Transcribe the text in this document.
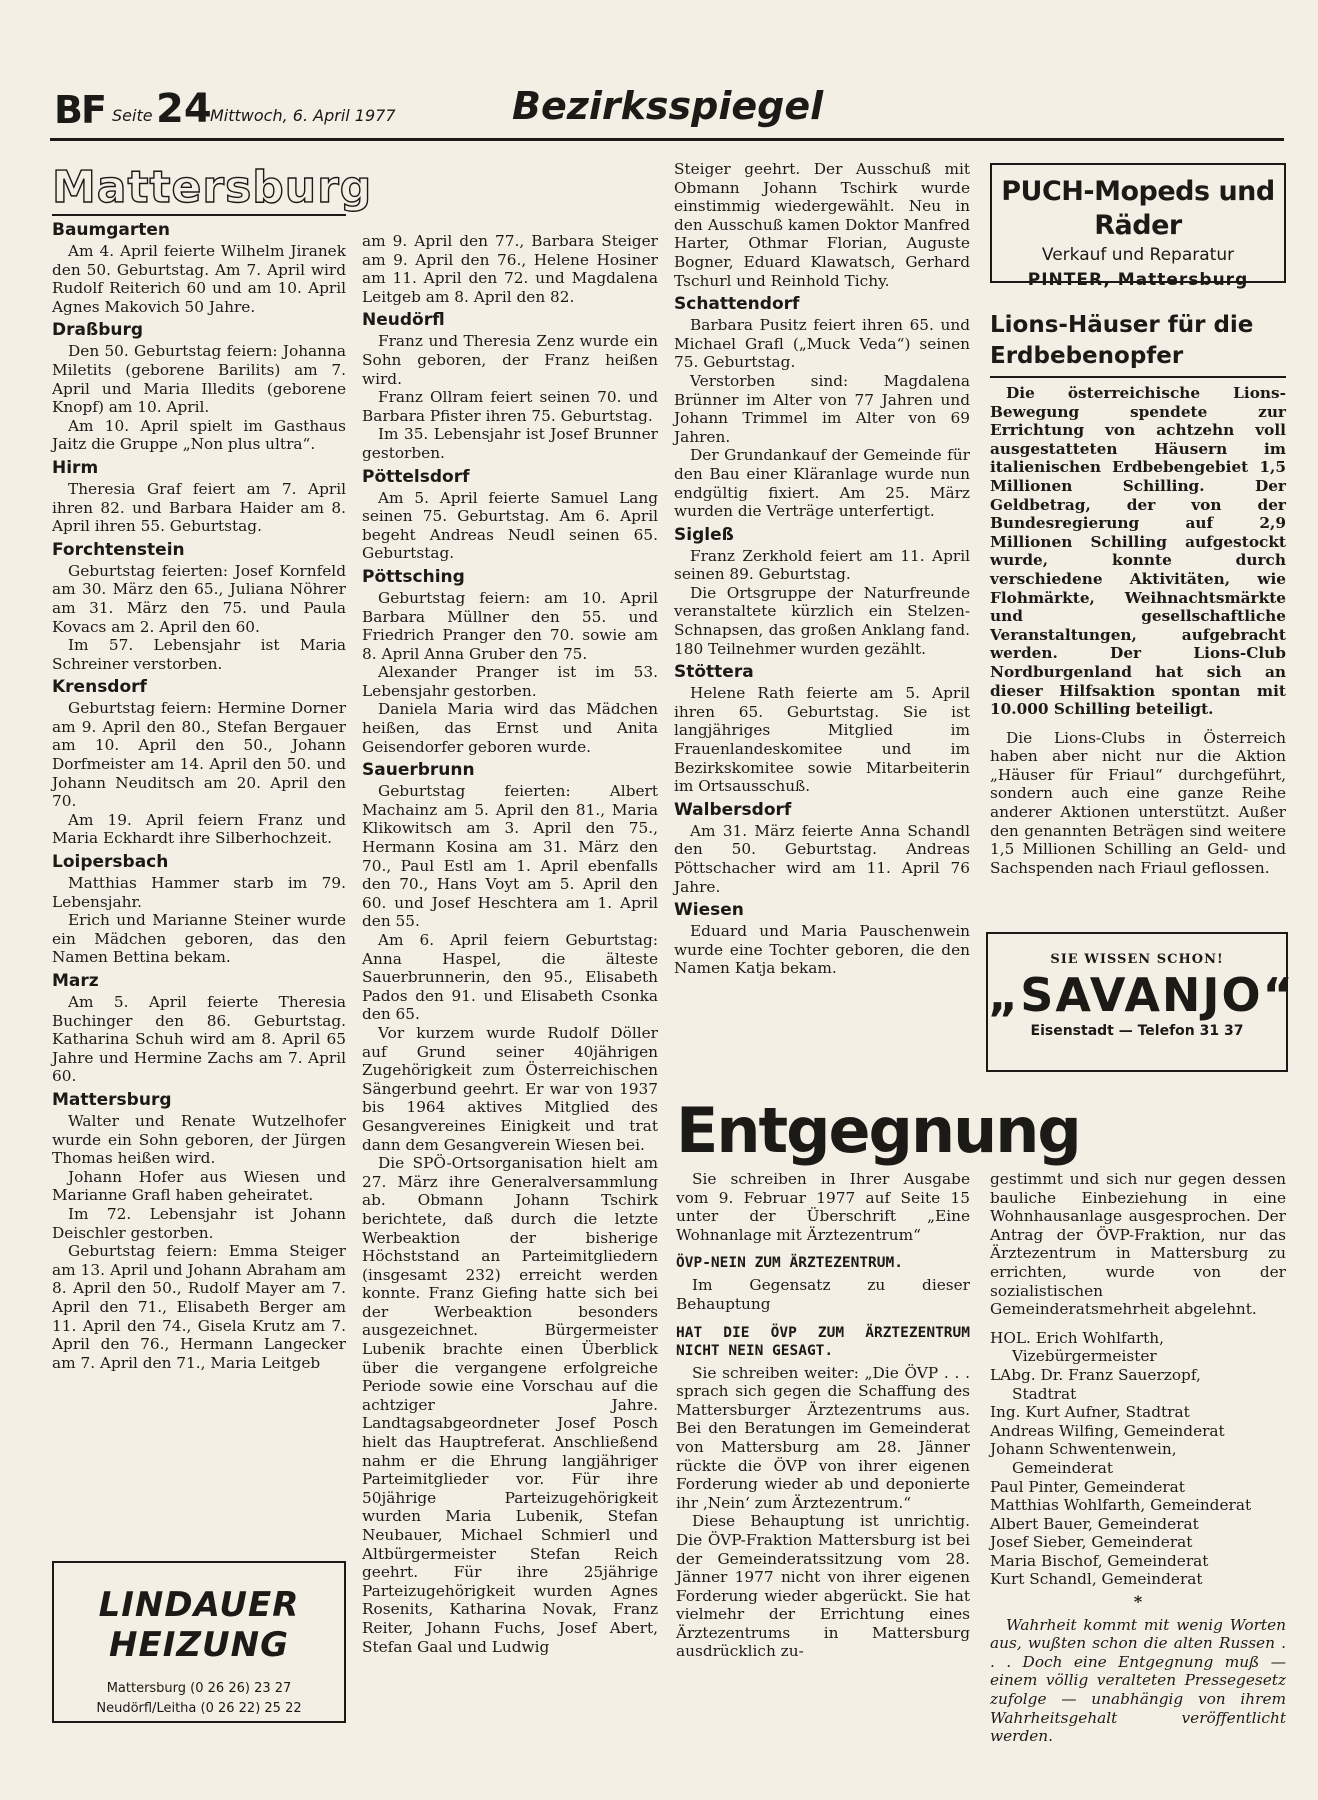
BF Seite 24
Mittwoch, 6. April 1977	Bezirksspiegel
Mattersburg
Baumgarten

Am 4. April feierte Wilhelm Jiranek den 50. Geburtstag. Am 7. April wird Rudolf Reiterich 60 und am 10. April Agnes Makovich 50 Jahre.

Draßburg

Den 50. Geburtstag feiern: Johanna Miletits (geborene Barilits) am 7. April und Maria Illedits (geborene Knopf) am 10. April.

Am 10. April spielt im Gasthaus Jaitz die Gruppe „Non plus ultra“.

Hirm

Theresia Graf feiert am 7. April ihren 82. und Barbara Haider am 8. April ihren 55. Geburtstag.

Forchtenstein

Geburtstag feierten: Josef Kornfeld am 30. März den 65., Juliana Nöhrer am 31. März den 75. und Paula Kovacs am 2. April den 60.

Im 57. Lebensjahr ist Maria Schreiner verstorben.

Krensdorf

Geburtstag feiern: Hermine Dorner am 9. April den 80., Stefan Bergauer am 10. April den 50., Johann Dorfmeister am 14. April den 50. und Johann Neuditsch am 20. April den 70.

Am 19. April feiern Franz und Maria Eckhardt ihre Silberhochzeit.

Loipersbach

Matthias Hammer starb im 79. Lebensjahr.

Erich und Marianne Steiner wurde ein Mädchen geboren, das den Namen Bettina bekam.

Marz

Am 5. April feierte Theresia Buchinger den 86. Geburtstag. Katharina Schuh wird am 8. April 65 Jahre und Hermine Zachs am 7. April 60.

Mattersburg

Walter und Renate Wutzelhofer wurde ein Sohn geboren, der Jürgen Thomas heißen wird.

Johann Hofer aus Wiesen und Marianne Grafl haben geheiratet.

Im 72. Lebensjahr ist Johann Deischler gestorben.

Geburtstag feiern: Emma Steiger am 13. April und Johann Abraham am 8. April den 50., Rudolf Mayer am 7. April den 71., Elisabeth Berger am 11. April den 74., Gisela Krutz am 7. April den 76., Hermann Langecker am 7. April den 71., Maria Leitgeb

LINDAUER
HEIZUNG
Mattersburg (0 26 26) 23 27
Neudörfl/Leitha (0 26 22) 25 22

am 9. April den 77., Barbara Steiger am 9. April den 76., Helene Hosiner am 11. April den 72. und Magdalena Leitgeb am 8. April den 82.

Neudörfl

Franz und Theresia Zenz wurde ein Sohn geboren, der Franz heißen wird.

Franz Ollram feiert seinen 70. und Barbara Pfister ihren 75. Geburtstag.

Im 35. Lebensjahr ist Josef Brunner gestorben.

Pöttelsdorf

Am 5. April feierte Samuel Lang seinen 75. Geburtstag. Am 6. April begeht Andreas Neudl seinen 65. Geburtstag.

Pöttsching

Geburtstag feiern: am 10. April Barbara Müllner den 55. und Friedrich Pranger den 70. sowie am 8. April Anna Gruber den 75.

Alexander Pranger ist im 53. Lebensjahr gestorben.

Daniela Maria wird das Mädchen heißen, das Ernst und Anita Geisendorfer geboren wurde.

Sauerbrunn

Geburtstag feierten: Albert Machainz am 5. April den 81., Maria Klikowitsch am 3. April den 75., Hermann Kosina am 31. März den 70., Paul Estl am 1. April ebenfalls den 70., Hans Voyt am 5. April den 60. und Josef Heschtera am 1. April den 55.

Am 6. April feiern Geburtstag: Anna Haspel, die älteste Sauerbrunnerin, den 95., Elisabeth Pados den 91. und Elisabeth Csonka den 65.

Vor kurzem wurde Rudolf Döller auf Grund seiner 40jährigen Zugehörigkeit zum Österreichischen Sängerbund geehrt. Er war von 1937 bis 1964 aktives Mitglied des Gesangvereines Einigkeit und trat dann dem Gesangverein Wiesen bei.

Die SPÖ-Ortsorganisation hielt am 27. März ihre Generalversammlung ab. Obmann Johann Tschirk berichtete, daß durch die letzte Werbeaktion der bisherige Höchststand an Parteimitgliedern (insgesamt 232) erreicht werden konnte. Franz Giefing hatte sich bei der Werbeaktion besonders ausgezeichnet. Bürgermeister Lubenik brachte einen Überblick über die vergangene erfolgreiche Periode sowie eine Vorschau auf die achtziger Jahre. Landtagsabgeordneter Josef Posch hielt das Hauptreferat. Anschließend nahm er die Ehrung langjähriger Parteimitglieder vor. Für ihre 50jährige Parteizugehörigkeit wurden Maria Lubenik, Stefan Neubauer, Michael Schmierl und Altbürgermeister Stefan Reich geehrt. Für ihre 25jährige Parteizugehörigkeit wurden Agnes Rosenits, Katharina Novak, Franz Reiter, Johann Fuchs, Josef Abert, Stefan Gaal und Ludwig

Steiger geehrt. Der Ausschuß mit Obmann Johann Tschirk wurde einstimmig wiedergewählt. Neu in den Ausschuß kamen Doktor Manfred Harter, Othmar Florian, Auguste Bogner, Eduard Klawatsch, Gerhard Tschurl und Reinhold Tichy.

Schattendorf

Barbara Pusitz feiert ihren 65. und Michael Grafl („Muck Veda“) seinen 75. Geburtstag.

Verstorben sind: Magdalena Brünner im Alter von 77 Jahren und Johann Trimmel im Alter von 69 Jahren.

Der Grundankauf der Gemeinde für den Bau einer Kläranlage wurde nun endgültig fixiert. Am 25. März wurden die Verträge unterfertigt.

Sigleß

Franz Zerkhold feiert am 11. April seinen 89. Geburtstag.

Die Ortsgruppe der Naturfreunde veranstaltete kürzlich ein Stelzen-Schnapsen, das großen Anklang fand. 180 Teilnehmer wurden gezählt.

Stöttera

Helene Rath feierte am 5. April ihren 65. Geburtstag. Sie ist langjähriges Mitglied im Frauenlandeskomitee und im Bezirkskomitee sowie Mitarbeiterin im Ortsausschuß.

Walbersdorf

Am 31. März feierte Anna Schandl den 50. Geburtstag. Andreas Pöttschacher wird am 11. April 76 Jahre.

Wiesen

Eduard und Maria Pauschenwein wurde eine Tochter geboren, die den Namen Katja bekam.

PUCH-Mopeds und Räder
Verkauf und Reparatur
PINTER, Mattersburg
Lions-Häuser für die Erdbebenopfer

Die österreichische Lions-Bewegung spendete zur Errichtung von achtzehn voll ausgestatteten Häusern im italienischen Erdbebengebiet 1,5 Millionen Schilling. Der Geldbetrag, der von der Bundesregierung auf 2,9 Millionen Schilling aufgestockt wurde, konnte durch verschiedene Aktivitäten, wie Flohmärkte, Weihnachtsmärkte und gesellschaftliche Veranstaltungen, aufgebracht werden. Der Lions-Club Nordburgenland hat sich an dieser Hilfsaktion spontan mit 10.000 Schilling beteiligt.

Die Lions-Clubs in Österreich haben aber nicht nur die Aktion „Häuser für Friaul“ durchgeführt, sondern auch eine ganze Reihe anderer Aktionen unterstützt. Außer den genannten Beträgen sind weitere 1,5 Millionen Schilling an Geld- und Sachspenden nach Friaul geflossen.

SIE WISSEN SCHON!
„SAVANJO“
Eisenstadt — Telefon 31 37
Entgegnung

Sie schreiben in Ihrer Ausgabe vom 9. Februar 1977 auf Seite 15 unter der Überschrift „Eine Wohnanlage mit Ärztezentrum“

ÖVP-NEIN ZUM ÄRZTEZENTRUM.

Im Gegensatz zu dieser Behauptung

HAT DIE ÖVP ZUM ÄRZTEZENTRUM NICHT NEIN GESAGT.

Sie schreiben weiter: „Die ÖVP . . . sprach sich gegen die Schaffung des Mattersburger Ärztezentrums aus. Bei den Beratungen im Gemeinderat von Mattersburg am 28. Jänner rückte die ÖVP von ihrer eigenen Forderung wieder ab und deponierte ihr ‚Nein‘ zum Ärztezentrum.“

Diese Behauptung ist unrichtig. Die ÖVP-Fraktion Mattersburg ist bei der Gemeinderatssitzung vom 28. Jänner 1977 nicht von ihrer eigenen Forderung wieder abgerückt. Sie hat vielmehr der Errichtung eines Ärztezentrums in Mattersburg ausdrücklich zu-

gestimmt und sich nur gegen dessen bauliche Einbeziehung in eine Wohnhausanlage ausgesprochen. Der Antrag der ÖVP-Fraktion, nur das Ärztezentrum in Mattersburg zu errichten, wurde von der sozialistischen Gemeinderatsmehrheit abgelehnt.

HOL. Erich Wohlfarth,
Vizebürgermeister
LAbg. Dr. Franz Sauerzopf,
Stadtrat
Ing. Kurt Aufner, Stadtrat
Andreas Wilfing, Gemeinderat
Johann Schwentenwein,
Gemeinderat
Paul Pinter, Gemeinderat
Matthias Wohlfarth, Gemeinderat
Albert Bauer, Gemeinderat
Josef Sieber, Gemeinderat
Maria Bischof, Gemeinderat
Kurt Schandl, Gemeinderat

*

Wahrheit kommt mit wenig Worten aus, wußten schon die alten Russen . . . Doch eine Entgegnung muß — einem völlig veralteten Pressegesetz zufolge — unabhängig von ihrem Wahrheitsgehalt veröffentlicht werden.
